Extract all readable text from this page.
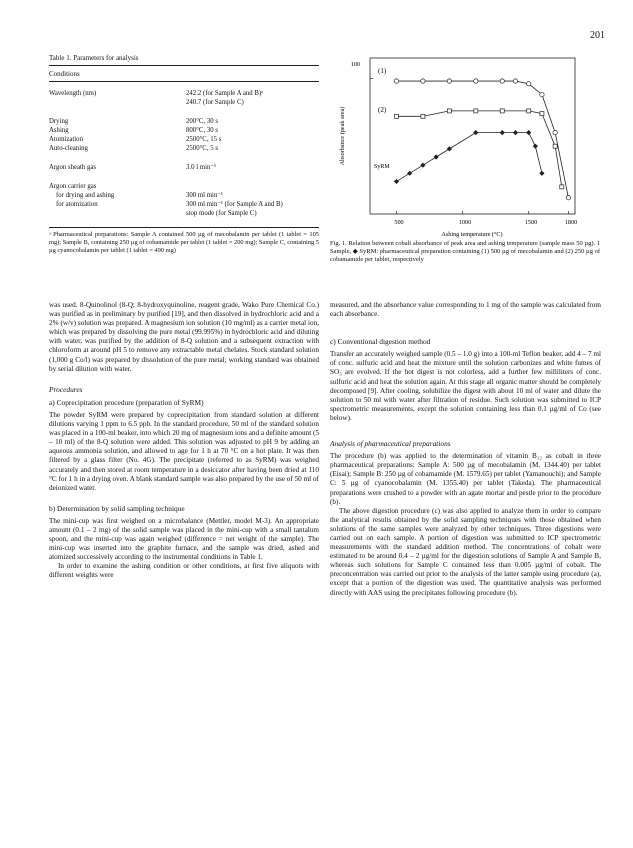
201
Table 1. Parameters for analysis
Conditions
Wavelength (nm)	242.2 (for Sample A and B)ᵃ
240.7 (for Sample C)
Drying	200°C, 30 s
Ashing	800°C, 30 s
Atomization	2500°C, 15 s
Auto-cleaning	2500°C, 5 s
Argon sheath gas	3.0 l min⁻¹
Argon carrier gas
for drying and ashing	300 ml min⁻¹
for atomization	300 ml min⁻¹ (for Sample A and B)
stop mode (for Sample C)
ᵃ Pharmaceutical preparations: Sample A contained 500 µg of mecobalamin per tablet (1 tablet = 105 mg); Sample B, containing 250 µg of cobamamide per tablet (1 tablet = 200 mg); Sample C, containing 5 µg cyanocobalamin per tablet (1 tablet = 490 mg)
Absorbance (peak area)
Ashing temperature (°C)
100
500	1000	1500	1800
(1)
(2)
SyRM
Fig. 1. Relation between cobalt absorbance of peak area and ashing temperature (sample mass 50 µg). 1 Sample, ◆ SyRM: pharmaceutical preparation containing (1) 500 µg of mecobalamin and (2) 250 µg of cobamamide per tablet, respectively

was used. 8-Quinolinol (8-Q; 8-hydroxyquinoline, reagent grade, Wako Pure Chemical Co.) was purified as in preliminary by purified [19], and then dissolved in hydrochloric acid and a 2% (w/v) solution was prepared. A magnesium ion solution (10 mg/ml) as a carrier metal ion, which was prepared by dissolving the pure metal (99.995%) in hydrochloric acid and diluting with water, was purified by the addition of 8-Q solution and a subsequent extraction with chloroform at around pH 5 to remove any extractable metal chelates. Stock standard solution (1,000 g Co/l) was prepared by dissolution of the pure metal; working standard was obtained by serial dilution with water.

Procedures

a) Coprecipitation procedure (preparation of SyRM)

The powder SyRM were prepared by coprecipitation from standard solution at different dilutions varying 1 ppm to 6.5 ppb. In the standard procedure, 50 ml of the standard solution was placed in a 100-ml beaker, into which 20 mg of magnesium ions and a definite amount (5 – 10 ml) of the 8-Q solution were added. This solution was adjusted to pH 9 by adding an aqueous ammonia solution, and allowed to age for 1 h at 70 °C on a hot plate. It was then filtered by a glass filter (No. 4G). The precipitate (referred to as SyRM) was weighed accurately and then stored at room temperature in a desiccator after having been dried at 110 °C for 1 h in a drying oven. A blank standard sample was also prepared by the use of 50 ml of deionized water.

b) Determination by solid sampling technique

The mini-cup was first weighed on a microbalance (Mettler, model M-3). An appropriate amount (0.1 – 2 mg) of the solid sample was placed in the mini-cup with a small tantalum spoon, and the mini-cup was again weighed (difference = net weight of the sample). The mini-cup was inserted into the graphite furnace, and the sample was dried, ashed and atomized successively according to the instrumental conditions in Table 1.

In order to examine the ashing condition or other conditions, at first five aliquots with different weights were

measured, and the absorbance value corresponding to 1 mg of the sample was calculated from each absorbance.

c) Conventional digestion method

Transfer an accurately weighed sample (0.5 – 1.0 g) into a 100-ml Teflon beaker, add 4 – 7 ml of conc. sulfuric acid and heat the mixture until the solution carbonizes and white fumes of SO₃ are evolved. If the hot digest is not colorless, add a further few milliliters of conc. sulfuric acid and heat the solution again. At this stage all organic matter should be completely decomposed [9]. After cooling, solubilize the digest with about 10 ml of water and dilute the solution to 50 ml with water after filtration of residue. Such solution was submitted to ICP spectrometric measurements, except the solution containing less than 0.1 µg/ml of Co (see below).

Analysis of pharmaceutical preparations

The procedure (b) was applied to the determination of vitamin B₁₂ as cobalt in three pharmaceutical preparations: Sample A: 500 µg of mecobalamin (M. 1344.40) per tablet (Eisai); Sample B: 250 µg of cobamamide (M. 1579.65) per tablet (Yamanouchi); and Sample C: 5 µg of cyanocobalamin (M. 1355.40) per tablet (Takeda). The pharmaceutical preparations were crushed to a powder with an agate mortar and pestle prior to the procedure (b).

The above digestion procedure (c) was also applied to analyze them in order to compare the analytical results obtained by the solid sampling techniques with those obtained when solutions of the same samples were analyzed by other techniques. Three digestions were carried out on each sample. A portion of digestion was submitted to ICP spectrometric measurements with the standard addition method. The concentrations of cobalt were estimated to be around 0.4 – 2 µg/ml for the digestion solutions of Sample A and Sample B, whereas such solutions for Sample C contained less than 0.005 µg/ml of cobalt. The preconcentration was carried out prior to the analysis of the latter sample using procedure (a), except that a portion of the digestion was used. The quantitative analysis was performed directly with AAS using the precipitates following procedure (b).
